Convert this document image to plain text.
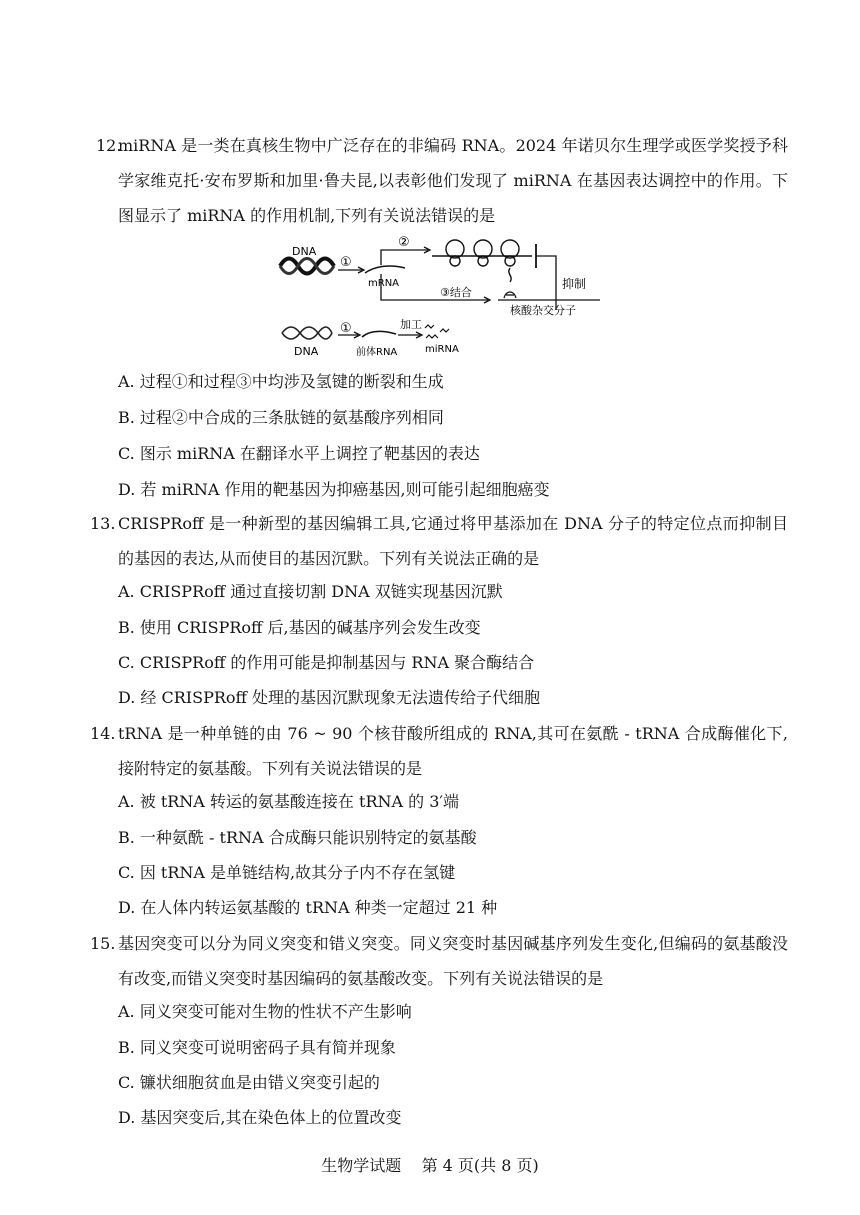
12.

miRNA 是一类在真核生物中广泛存在的非编码 RNA。2024 年诺贝尔生理学或医学奖授予科学家维克托·安布罗斯和加里·鲁夫昆,以表彰他们发现了 miRNA 在基因表达调控中的作用。下图显示了 miRNA 的作用机制,下列有关说法错误的是

DNA
①
mRNA
②
抑制
③结合
核酸杂交分子
DNA
①
前体RNA
加工
miRNA
A. 过程①和过程③中均涉及氢键的断裂和生成
B. 过程②中合成的三条肽链的氨基酸序列相同
C. 图示 miRNA 在翻译水平上调控了靶基因的表达
D. 若 miRNA 作用的靶基因为抑癌基因,则可能引起细胞癌变
13. CRISPRoff 是一种新型的基因编辑工具,它通过将甲基添加在 DNA 分子的特定位点而抑制目的基因的表达,从而使目的基因沉默。下列有关说法正确的是

A. CRISPRoff 通过直接切割 DNA 双链实现基因沉默
B. 使用 CRISPRoff 后,基因的碱基序列会发生改变
C. CRISPRoff 的作用可能是抑制基因与 RNA 聚合酶结合
D. 经 CRISPRoff 处理的基因沉默现象无法遗传给子代细胞
14. tRNA 是一种单链的由 76 ~ 90 个核苷酸所组成的 RNA,其可在氨酰 - tRNA 合成酶催化下,接附特定的氨基酸。下列有关说法错误的是

A. 被 tRNA 转运的氨基酸连接在 tRNA 的 3′端
B. 一种氨酰 - tRNA 合成酶只能识别特定的氨基酸
C. 因 tRNA 是单链结构,故其分子内不存在氢键
D. 在人体内转运氨基酸的 tRNA 种类一定超过 21 种
15. 基因突变可以分为同义突变和错义突变。同义突变时基因碱基序列发生变化,但编码的氨基酸没有改变,而错义突变时基因编码的氨基酸改变。下列有关说法错误的是

A. 同义突变可能对生物的性状不产生影响
B. 同义突变可说明密码子具有简并现象
C. 镰状细胞贫血是由错义突变引起的
D. 基因突变后,其在染色体上的位置改变
生物学试题 第 4 页(共 8 页)
